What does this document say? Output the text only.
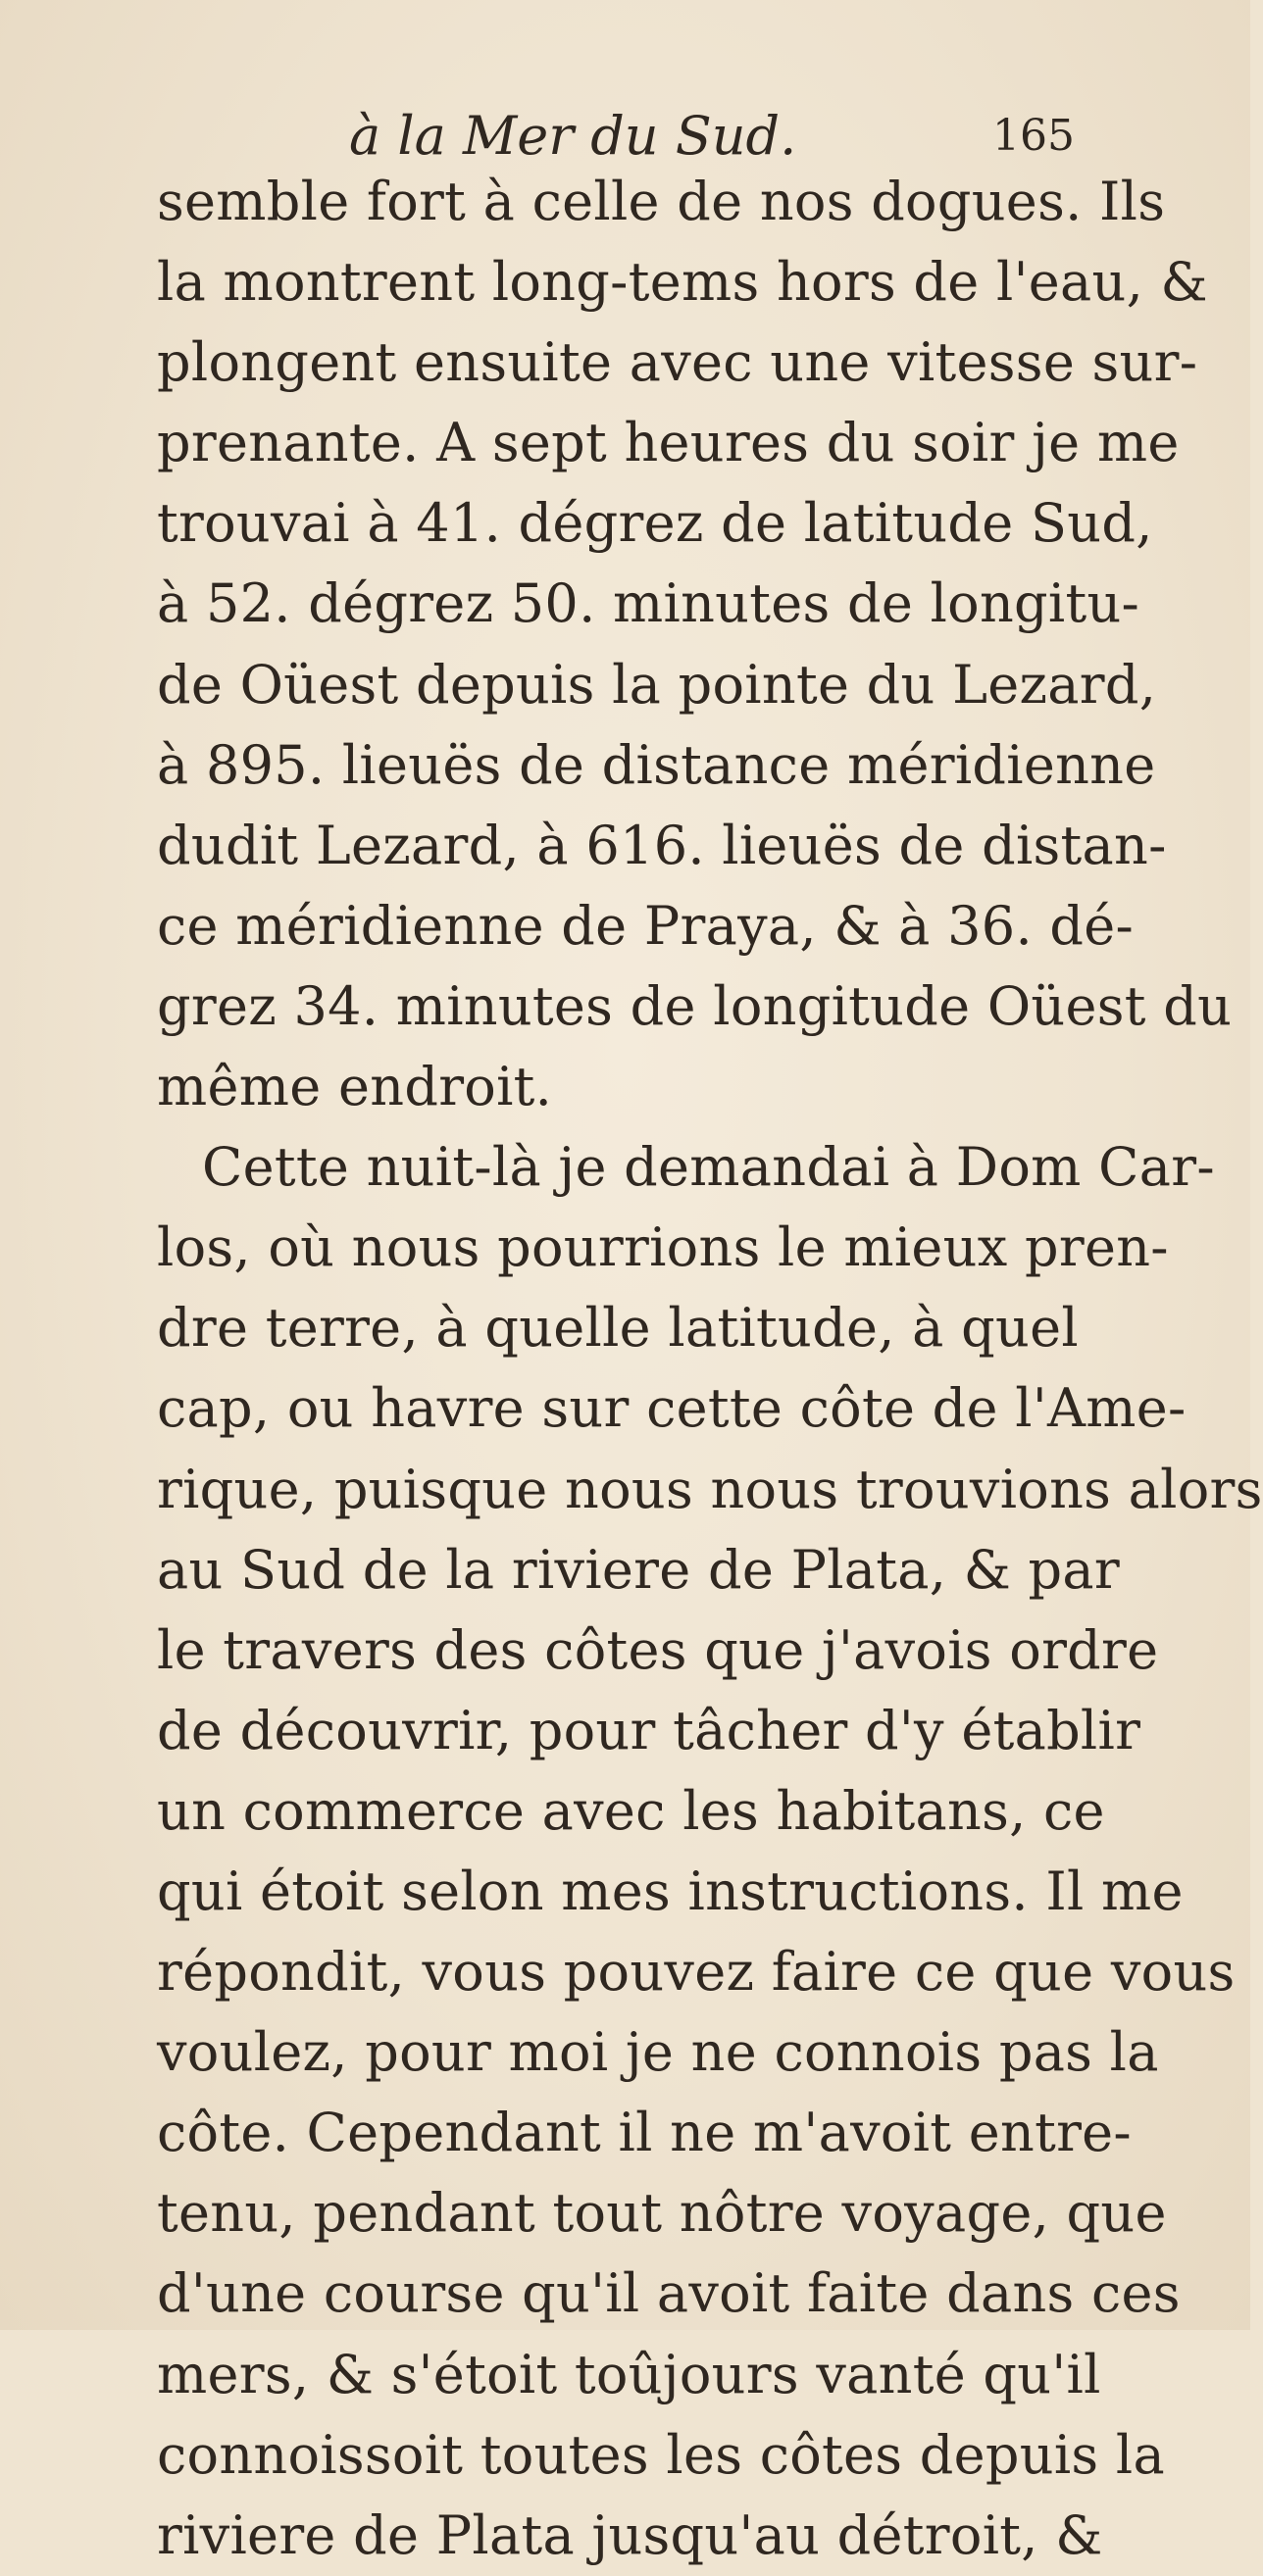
à la Mer du Sud.	165
semble fort à celle de nos dogues. Ils
la montrent long-tems hors de l'eau, &
plongent ensuite avec une vitesse sur-
prenante. A sept heures du soir je me
trouvai à 41. dégrez de latitude Sud,
à 52. dégrez 50. minutes de longitu-
de Oüest depuis la pointe du Lezard,
à 895. lieuës de distance méridienne
dudit Lezard, à 616. lieuës de distan-
ce méridienne de Praya, & à 36. dé-
grez 34. minutes de longitude Oüest du
même endroit.
Cette nuit-là je demandai à Dom Car-
los, où nous pourrions le mieux pren-
dre terre, à quelle latitude, à quel
cap, ou havre sur cette côte de l'Ame-
rique, puisque nous nous trouvions alors
au Sud de la riviere de Plata, & par
le travers des côtes que j'avois ordre
de découvrir, pour tâcher d'y établir
un commerce avec les habitans, ce
qui étoit selon mes instructions. Il me
répondit, vous pouvez faire ce que vous
voulez, pour moi je ne connois pas la
côte. Cependant il ne m'avoit entre-
tenu, pendant tout nôtre voyage, que
d'une course qu'il avoit faite dans ces
mers, & s'étoit toûjours vanté qu'il
connoissoit toutes les côtes depuis la
riviere de Plata jusqu'au détroit, &
